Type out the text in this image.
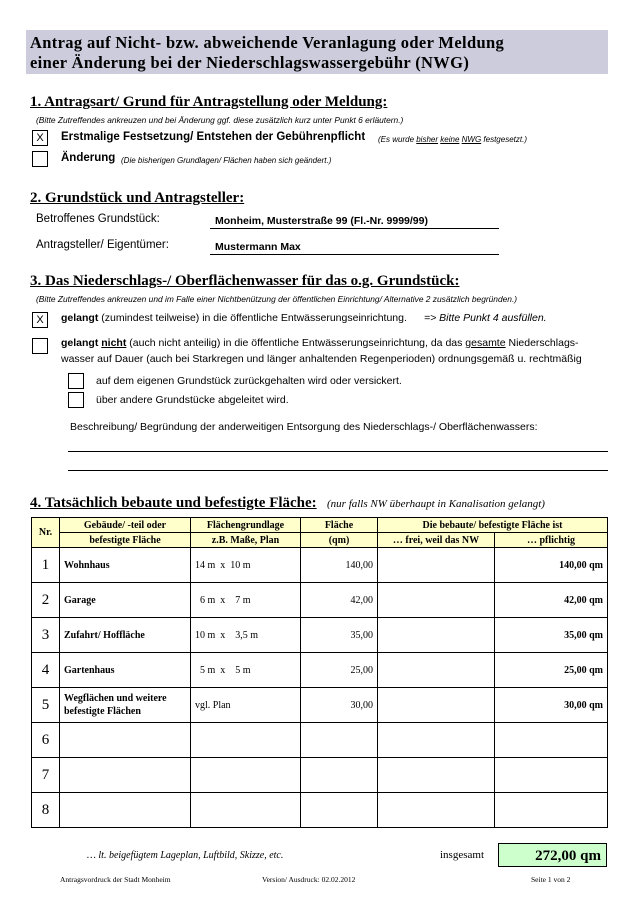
Antrag auf Nicht- bzw. abweichende Veranlagung oder Meldung
einer Änderung bei der Niederschlagswassergebühr (NWG)
1. Antragsart/ Grund für Antragstellung oder Meldung:
(Bitte Zutreffendes ankreuzen und bei Änderung ggf. diese zusätzlich kurz unter Punkt 6 erläutern.)
X	Erstmalige Festsetzung/ Entstehen der Gebührenpflicht (Es wurde bisher keine NWG festgesetzt.)
Änderung (Die bisherigen Grundlagen/ Flächen haben sich geändert.)
2. Grundstück und Antragsteller:
Betroffenes Grundstück:	Monheim, Musterstraße 99 (Fl.-Nr. 9999/99)
Antragsteller/ Eigentümer:	Mustermann Max
3. Das Niederschlags-/ Oberflächenwasser für das o.g. Grundstück:
(Bitte Zutreffendes ankreuzen und im Falle einer Nichtbenützung der öffentlichen Einrichtung/ Alternative 2 zusätzlich begründen.)
X	gelangt (zumindest teilweise) in die öffentliche Entwässerungseinrichtung. => Bitte Punkt 4 ausfüllen.
gelangt nicht (auch nicht anteilig) in die öffentliche Entwässerungseinrichtung, da das gesamte Niederschlags-
wasser auf Dauer (auch bei Starkregen und länger anhaltenden Regenperioden) ordnungsgemäß u. rechtmäßig
auf dem eigenen Grundstück zurückgehalten wird oder versickert.
über andere Grundstücke abgeleitet wird.
Beschreibung/ Begründung der anderweitigen Entsorgung des Niederschlags-/ Oberflächenwassers:
4. Tatsächlich bebaute und befestigte Fläche: (nur falls NW überhaupt in Kanalisation gelangt)
Nr.	Gebäude/ -teil oder	Flächengrundlage	Fläche	Die bebaute/ befestigte Fläche ist	
	befestigte Fläche	z.B. Maße, Plan	(qm)	… frei, weil das NW	… pflichtig
1	Wohnhaus	14 m  x  10 m	140,00		140,00 qm
2	Garage	6 m  x    7 m	42,00		42,00 qm
3	Zufahrt/ Hoffläche	10 m  x    3,5 m	35,00		35,00 qm
4	Gartenhaus	5 m  x    5 m	25,00		25,00 qm
5	Wegflächen und weitere befestigte Flächen	vgl. Plan	30,00		30,00 qm
6					
7					
8					
… lt. beigefügtem Lageplan, Luftbild, Skizze, etc.	insgesamt	272,00 qm
Antragsvordruck der Stadt Monheim	Version/ Ausdruck: 02.02.2012	Seite 1 von 2
